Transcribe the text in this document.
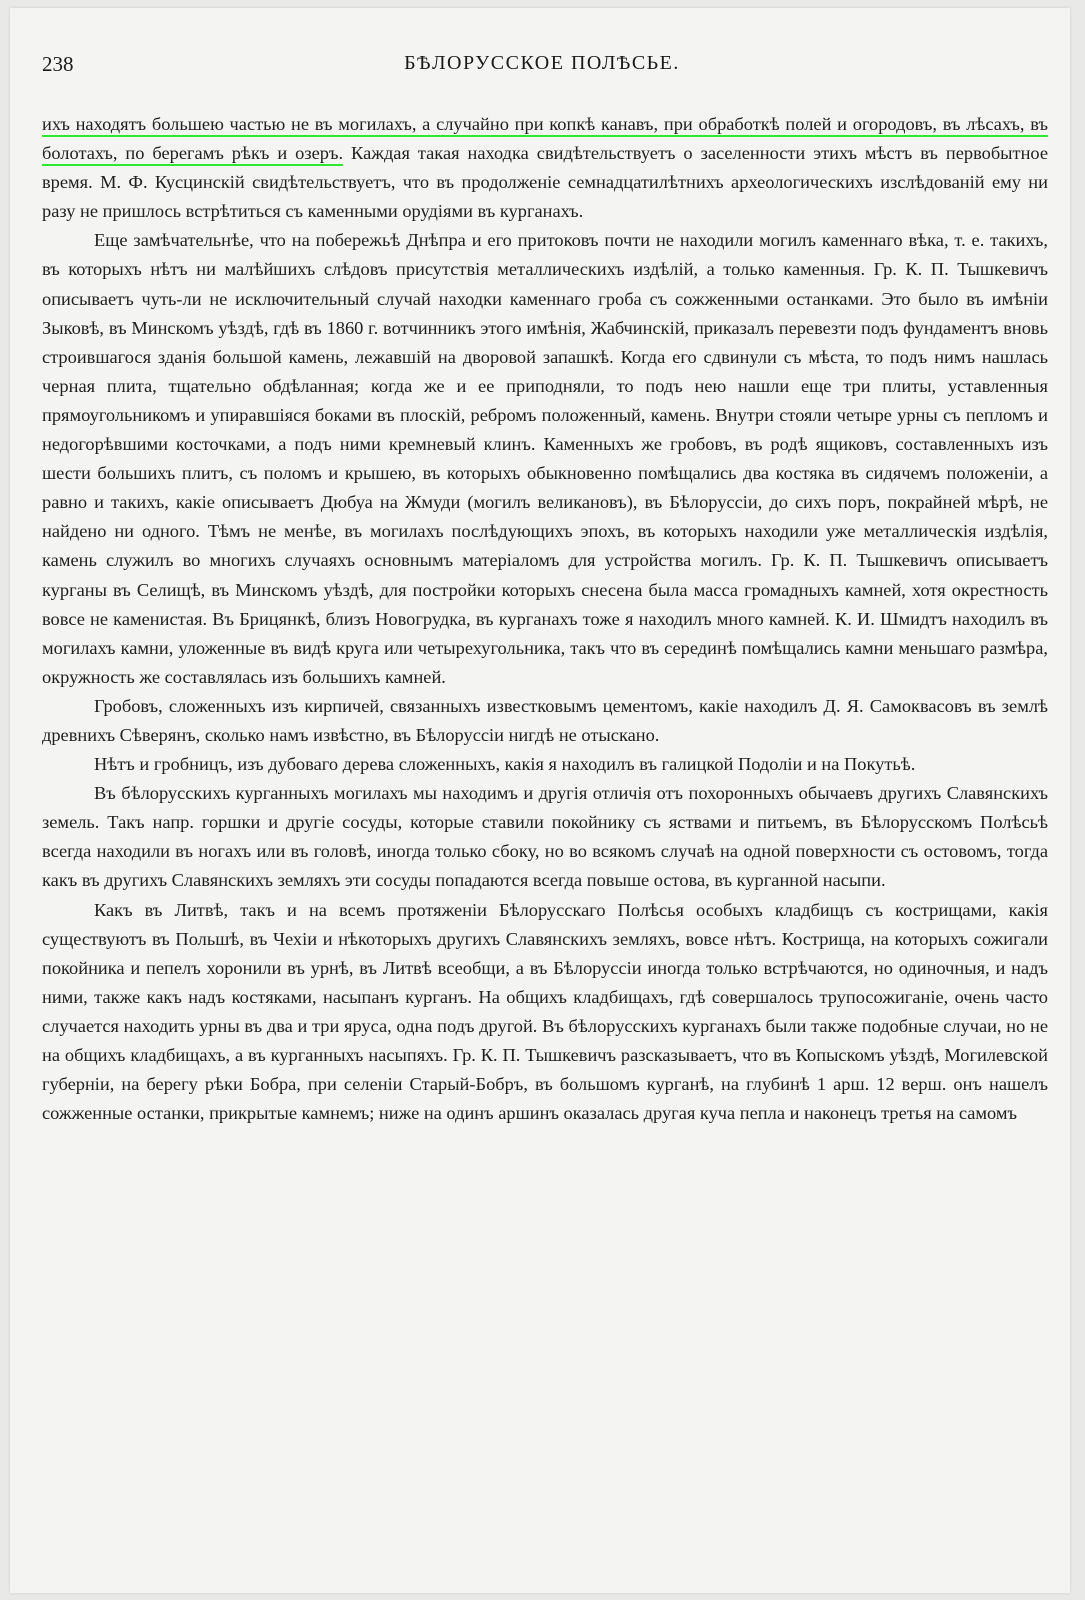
238	БѢЛОРУССКОЕ ПОЛѢСЬЕ.

ихъ находятъ большею частью не въ могилахъ, а случайно при копкѣ канавъ, при обработкѣ полей и огородовъ, въ лѣсахъ, въ болотахъ, по берегамъ рѣкъ и озеръ. Каждая такая находка свидѣтельствуетъ о заселенности этихъ мѣстъ въ первобытное время. М. Ф. Кусцинскій свидѣтельствуетъ, что въ продолженіе семнадцатилѣтнихъ археологическихъ изслѣдованій ему ни разу не пришлось встрѣтиться съ каменными орудіями въ курганахъ.

Еще замѣчательнѣе, что на побережьѣ Днѣпра и его притоковъ почти не находили могилъ каменнаго вѣка, т. е. такихъ, въ которыхъ нѣтъ ни малѣйшихъ слѣдовъ присутствія металлическихъ издѣлій, а только каменныя. Гр. К. П. Тышкевичъ описываетъ чуть-ли не исключительный случай находки каменнаго гроба съ сожженными останками. Это было въ имѣніи Зыковѣ, въ Минскомъ уѣздѣ, гдѣ въ 1860 г. вотчинникъ этого имѣнія, Жабчинскій, приказалъ перевезти подъ фундаментъ вновь строившагося зданія большой камень, лежавшій на дворовой запашкѣ. Когда его сдвинули съ мѣста, то подъ нимъ нашлась черная плита, тщательно обдѣланная; когда же и ее приподняли, то подъ нею нашли еще три плиты, уставленныя прямоугольникомъ и упиравшіяся боками въ плоскій, ребромъ положенный, камень. Внутри стояли четыре урны съ пепломъ и недогорѣвшими косточками, а подъ ними кремневый клинъ. Каменныхъ же гробовъ, въ родѣ ящиковъ, составленныхъ изъ шести большихъ плитъ, съ поломъ и крышею, въ которыхъ обыкновенно помѣщались два костяка въ сидячемъ положеніи, а равно и такихъ, какіе описываетъ Дюбуа на Жмуди (могилъ великановъ), въ Бѣлоруссіи, до сихъ поръ, покрайней мѣрѣ, не найдено ни одного. Тѣмъ не менѣе, въ могилахъ послѣдующихъ эпохъ, въ которыхъ находили уже металлическія издѣлія, камень служилъ во многихъ случаяхъ основнымъ матеріаломъ для устройства могилъ. Гр. К. П. Тышкевичъ описываетъ курганы въ Селищѣ, въ Минскомъ уѣздѣ, для постройки которыхъ снесена была масса громадныхъ камней, хотя окрестность вовсе не каменистая. Въ Брицянкѣ, близъ Новогрудка, въ курганахъ тоже я находилъ много камней. К. И. Шмидтъ находилъ въ могилахъ камни, уложенные въ видѣ круга или четырехугольника, такъ что въ серединѣ помѣщались камни меньшаго размѣра, окружность же составлялась изъ большихъ камней.

Гробовъ, сложенныхъ изъ кирпичей, связанныхъ известковымъ цементомъ, какіе находилъ Д. Я. Самоквасовъ въ землѣ древнихъ Сѣверянъ, сколько намъ извѣстно, въ Бѣлоруссіи нигдѣ не отыскано.

Нѣтъ и гробницъ, изъ дубоваго дерева сложенныхъ, какія я находилъ въ галицкой Подоліи и на Покутьѣ.

Въ бѣлорусскихъ курганныхъ могилахъ мы находимъ и другія отличія отъ похоронныхъ обычаевъ другихъ Славянскихъ земель. Такъ напр. горшки и другіе сосуды, которые ставили покойнику съ яствами и питьемъ, въ Бѣлорусскомъ Полѣсьѣ всегда находили въ ногахъ или въ головѣ, иногда только сбоку, но во всякомъ случаѣ на одной поверхности съ остовомъ, тогда какъ въ другихъ Славянскихъ земляхъ эти сосуды попадаются всегда повыше остова, въ курганной насыпи.

Какъ въ Литвѣ, такъ и на всемъ протяженіи Бѣлорусскаго Полѣсья особыхъ кладбищъ съ кострищами, какія существуютъ въ Польшѣ, въ Чехіи и нѣкоторыхъ другихъ Славянскихъ земляхъ, вовсе нѣтъ. Кострища, на которыхъ сожигали покойника и пепелъ хоронили въ урнѣ, въ Литвѣ всеобщи, а въ Бѣлоруссіи иногда только встрѣчаются, но одиночныя, и надъ ними, также какъ надъ костяками, насыпанъ курганъ. На общихъ кладбищахъ, гдѣ совершалось трупосожиганіе, очень часто случается находить урны въ два и три яруса, одна подъ другой. Въ бѣлорусскихъ курганахъ были также подобные случаи, но не на общихъ кладбищахъ, а въ курганныхъ насыпяхъ. Гр. К. П. Тышкевичъ разсказываетъ, что въ Копыскомъ уѣздѣ, Могилевской губерніи, на берегу рѣки Бобра, при селеніи Старый-Бобръ, въ большомъ курганѣ, на глубинѣ 1 арш. 12 верш. онъ нашелъ сожженные останки, прикрытые камнемъ; ниже на одинъ аршинъ оказалась другая куча пепла и наконецъ третья на самомъ
